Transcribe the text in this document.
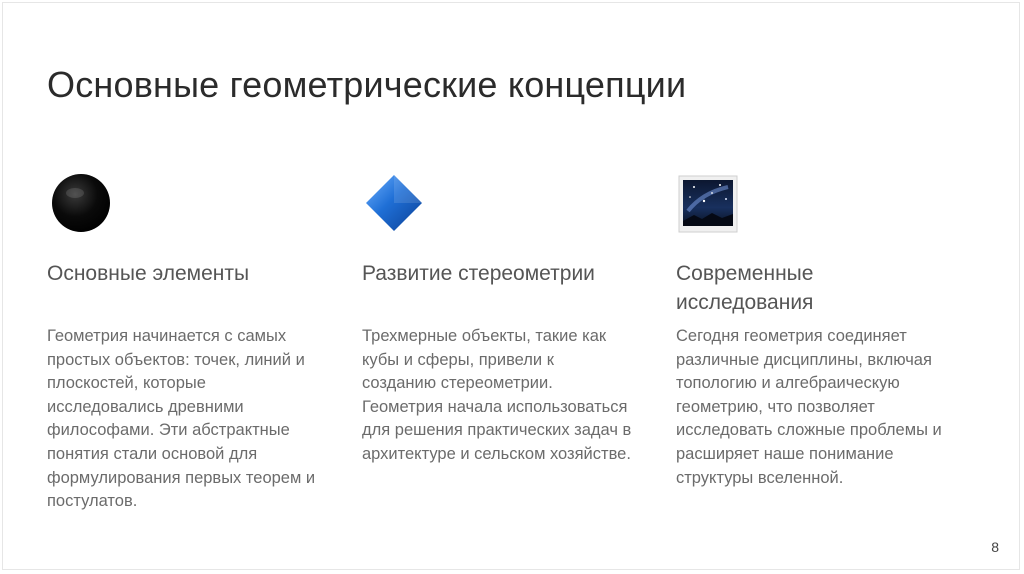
Основные геометрические концепции
Основные элементы
Геометрия начинается с самых простых объектов: точек, линий и плоскостей, которые исследовались древними философами. Эти абстрактные понятия стали основой для формулирования первых теорем и постулатов.
Развитие стереометрии
Трехмерные объекты, такие как кубы и сферы, привели к созданию стереометрии. Геометрия начала использоваться для решения практических задач в архитектуре и сельском хозяйстве.
Современные исследования
Сегодня геометрия соединяет различные дисциплины, включая топологию и алгебраическую геометрию, что позволяет исследовать сложные проблемы и расширяет наше понимание структуры вселенной.
8
